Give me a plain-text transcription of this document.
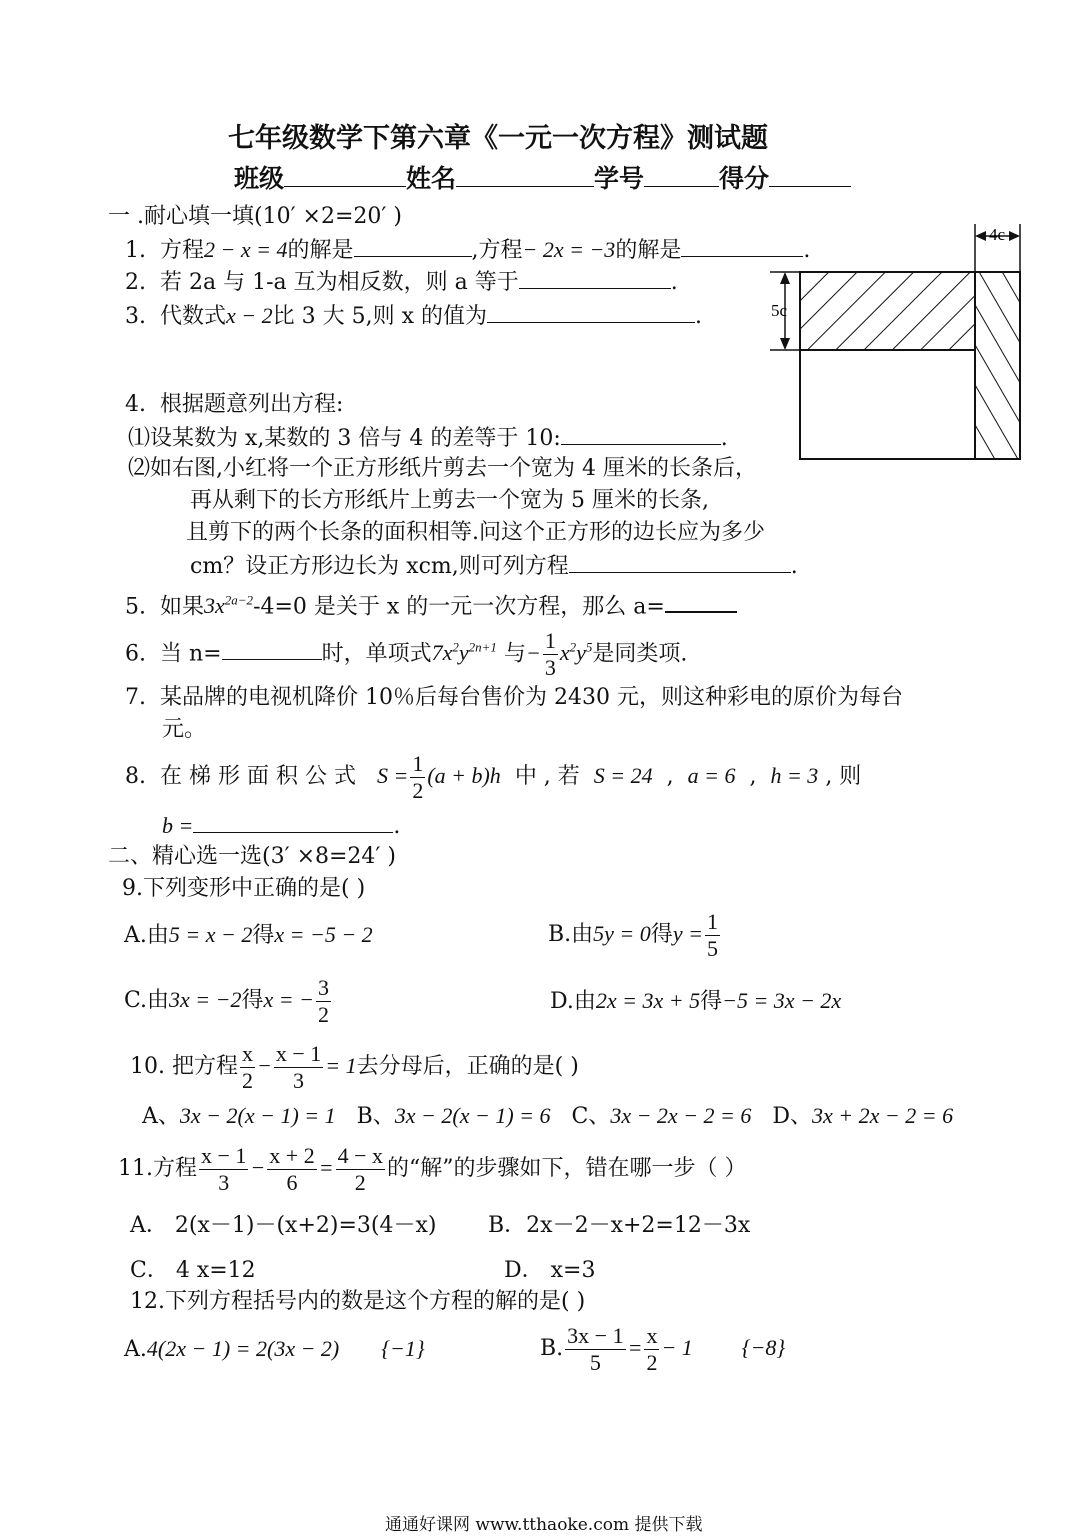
七年级数学下第六章《一元一次方程》测试题
班级	姓名	学号	得分
一 .耐心填一填(10′ ×2=20′ )
1. 方程2 − x = 4的解是	,方程− 2x = −3的解是	.
2. 若 2a 与 1-a 互为相反数，则 a 等于	.
3. 代数式x − 2比 3 大 5,则 x 的值为	.
4c
5c
4. 根据题意列出方程:
⑴设某数为 x,某数的 3 倍与 4 的差等于 10:	.
⑵如右图,小红将一个正方形纸片剪去一个宽为 4 厘米的长条后，
再从剩下的长方形纸片上剪去一个宽为 5 厘米的长条,
且剪下的两个长条的面积相等.问这个正方形的边长应为多少
cm？设正方形边长为 xcm,则可列方程	.
5. 如果$3x^{2a-2}-4=0$ 是关于 x 的一元一次方程，那么 a=
6. 当 n=	时，单项式$7x^2y^{2n+1}$ 与− $\frac{1}{3} x^2y^5$是同类项.
7. 某品牌的电视机降价 10％后每台售价为 2430 元，则这种彩电的原价为每台
元。
8. 在 梯 形 面 积 公 式 $S = \frac{1}{2} (a + b)h$ 中 , 若 S = 24  ,  a = 6  ,  h = 3 , 则
b =	.
二、精心选一选(3′ ×8=24′ )
9.下列变形中正确的是( )
A.由5 = x − 2得x = −5 − 2	B.由5y = 0得$y = \frac{1}{5}$
C.由3x = −2得x = − $\frac{3}{2}$	D.由2x = 3x + 5得−5 = 3x − 2x
10. 把方程 $\frac{x}{2} - \frac{x - 1}{3} = 1$去分母后，正确的是( )
A、3x − 2(x − 1) = 1 B、3x − 2(x − 1) = 6 C、3x − 2x − 2 = 6 D、3x + 2x − 2 = 6
11.方程 $\frac{x - 1}{3} - \frac{x + 2}{6} = \frac{4 - x}{2}$ 的“解”的步骤如下，错在哪一步（ ）
A． 2(x－1)－(x+2)=3(4－x) B．2x－2－x+2=12－3x
C． 4 x=12	D． x=3
12.下列方程括号内的数是这个方程的解的是( )
A.4(2x − 1) = 2(3x − 2) {−1}	B. $\frac{3x - 1}{5} = \frac{x}{2} - 1$ {−8}
通通好课网 www.tthaoke.com 提供下载
